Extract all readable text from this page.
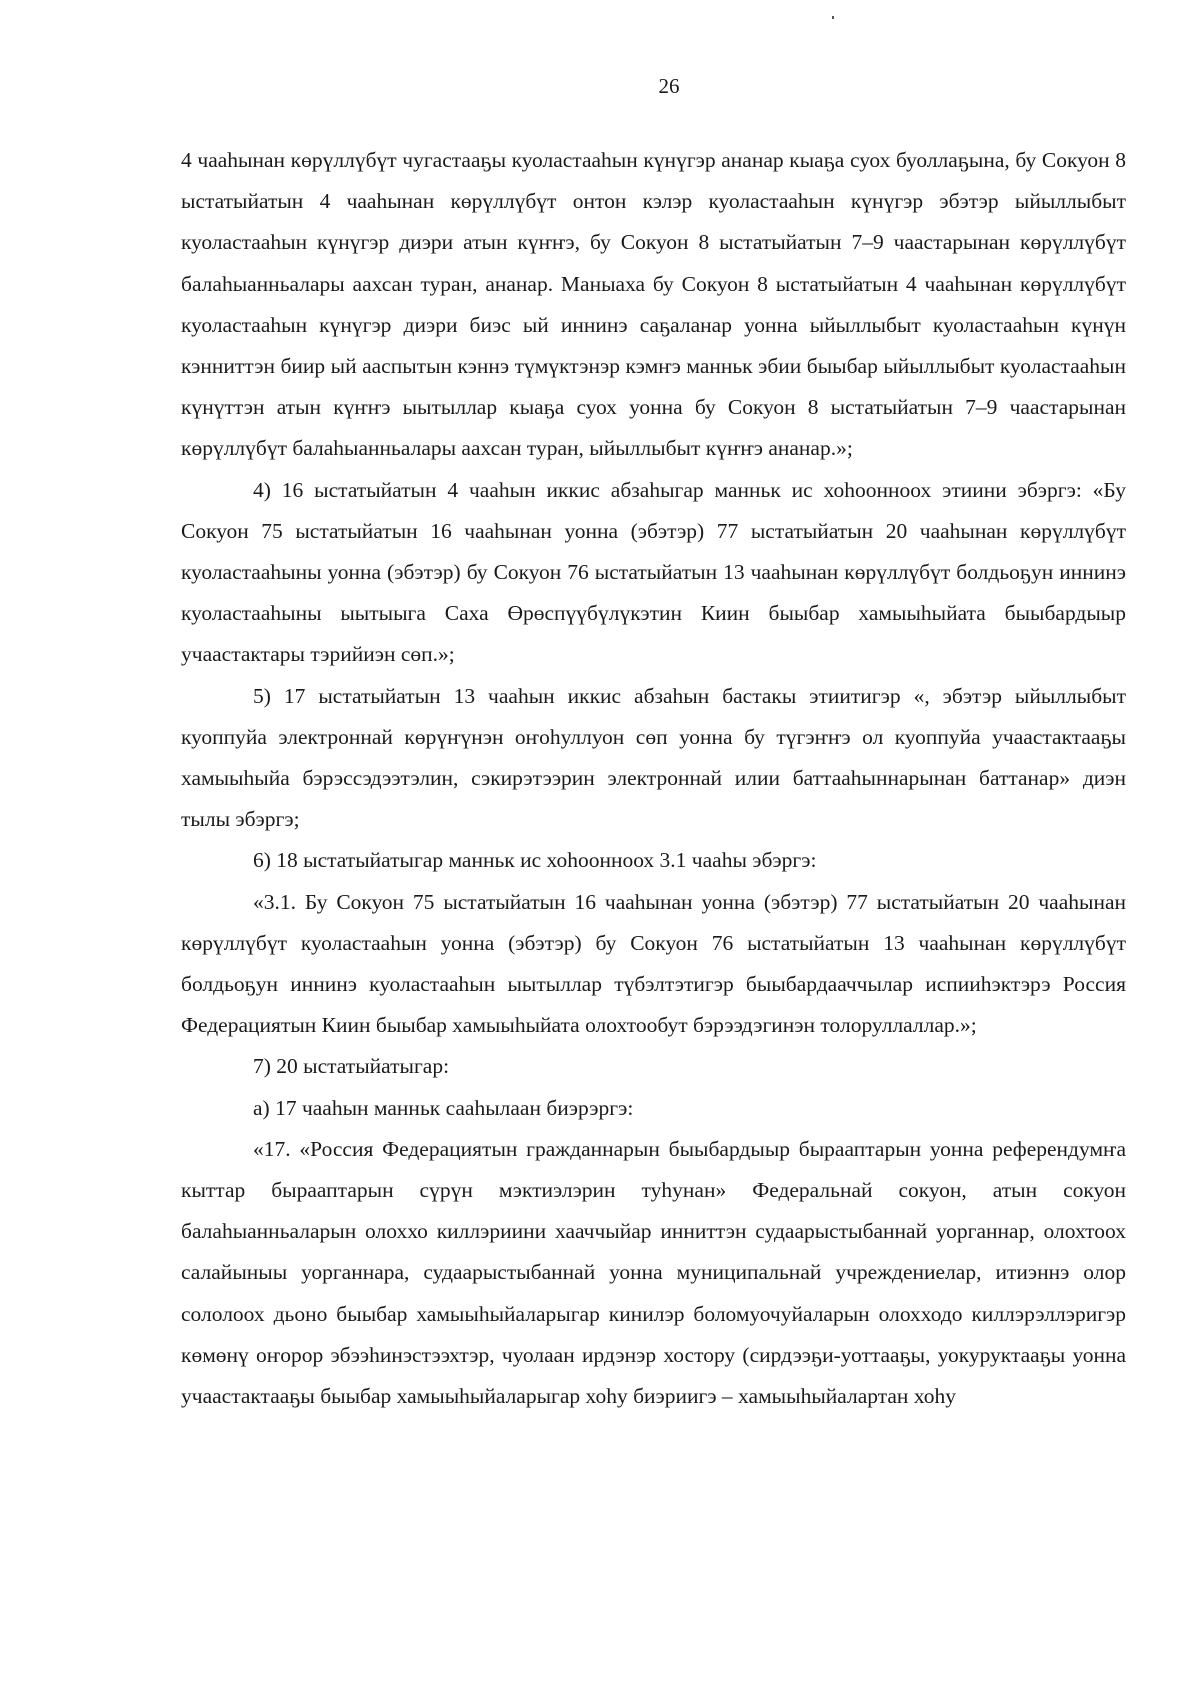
26

4 чааһынан көрүллүбүт чугастааҕы куоластааһын күнүгэр ананар кыаҕа суох буоллаҕына, бу Сокуон 8 ыстатыйатын 4 чааһынан көрүллүбүт онтон кэлэр куоластааһын күнүгэр эбэтэр ыйыллыбыт куоластааһын күнүгэр диэри атын күҥҥэ, бу Сокуон 8 ыстатыйатын 7–9 чаастарынан көрүллүбүт балаһыанньалары аахсан туран, ананар. Маныаха бу Сокуон 8 ыстатыйатын 4 чааһынан көрүллүбүт куоластааһын күнүгэр диэри биэс ый иннинэ саҕаланар уонна ыйыллыбыт куоластааһын күнүн кэнниттэн биир ый ааспытын кэннэ түмүктэнэр кэмҥэ манньк эбии быыбар ыйыллыбыт куоластааһын күнүттэн атын күҥҥэ ыытыллар кыаҕа суох уонна бу Сокуон 8 ыстатыйатын 7–9 чаастарынан көрүллүбүт балаһыанньалары аахсан туран, ыйыллыбыт күҥҥэ ананар.»;

4) 16 ыстатыйатын 4 чааһын иккис абзаһыгар манньк ис хоһоонноох этиини эбэргэ: «Бу Сокуон 75 ыстатыйатын 16 чааһынан уонна (эбэтэр) 77 ыстатыйатын 20 чааһынан көрүллүбүт куоластааһыны уонна (эбэтэр) бу Сокуон 76 ыстатыйатын 13 чааһынан көрүллүбүт болдьоҕун иннинэ куоластааһыны ыытыыга Саха Өрөспүүбүлүкэтин Киин быыбар хамыыһыйата быыбардыыр учаастактары тэрийиэн сөп.»;

5) 17 ыстатыйатын 13 чааһын иккис абзаһын бастакы этиитигэр «, эбэтэр ыйыллыбыт куоппуйа электроннай көрүҥүнэн оҥоһуллуон сөп уонна бу түгэҥҥэ ол куоппуйа учаастактааҕы хамыыһыйа бэрэссэдээтэлин, сэкирэтээрин электроннай илии баттааһыннарынан баттанар» диэн тылы эбэргэ;

6) 18 ыстатыйатыгар манньк ис хоһоонноох 3.1 чааһы эбэргэ:

«3.1. Бу Сокуон 75 ыстатыйатын 16 чааһынан уонна (эбэтэр) 77 ыстатыйатын 20 чааһынан көрүллүбүт куоластааһын уонна (эбэтэр) бу Сокуон 76 ыстатыйатын 13 чааһынан көрүллүбүт болдьоҕун иннинэ куоластааһын ыытыллар түбэлтэтигэр быыбардааччылар испииһэктэрэ Россия Федерациятын Киин быыбар хамыыһыйата олохтообут бэрээдэгинэн толоруллаллар.»;

7) 20 ыстатыйатыгар:

а) 17 чааһын манньк сааһылаан биэрэргэ:

«17. «Россия Федерациятын гражданнарын быыбардыыр бырааптарын уонна референдумҥа кыттар бырааптарын сүрүн мэктиэлэрин туһунан» Федеральнай сокуон, атын сокуон балаһыанньаларын олоххо киллэриини хааччыйар инниттэн судаарыстыбаннай уорганнар, олохтоох салайыныы уорганнара, судаарыстыбаннай уонна муниципальнай учреждениелар, итиэннэ олор сололоох дьоно быыбар хамыыһыйаларыгар кинилэр боломуочуйаларын олохходо киллэрэллэригэр көмөнү оҥорор эбээһинэстээхтэр, чуолаан ирдэнэр хостору (сирдээҕи-уоттааҕы, уокуруктааҕы уонна учаастактааҕы быыбар хамыыһыйаларыгар хоһу биэриигэ – хамыыһыйалартан хоһу
